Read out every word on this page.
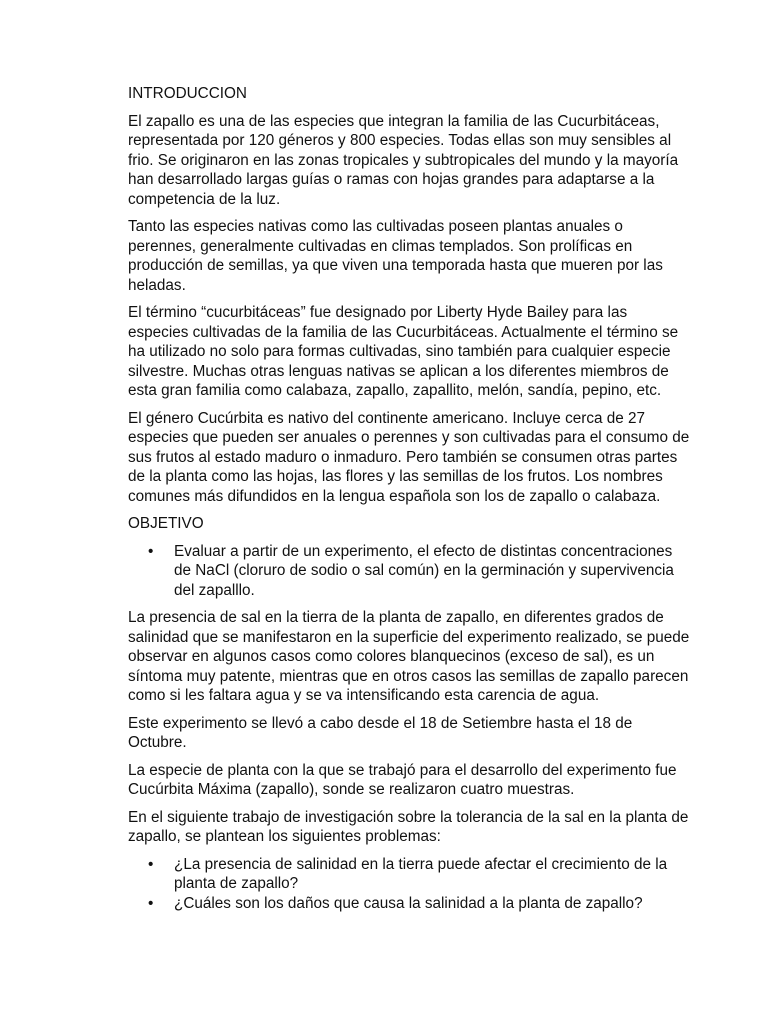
INTRODUCCION

El zapallo es una de las especies que integran la familia de las Cucurbitáceas, representada por 120 géneros y 800 especies. Todas ellas son muy sensibles al frio. Se originaron en las zonas tropicales y subtropicales del mundo y la mayoría han desarrollado largas guías o ramas con hojas grandes para adaptarse a la competencia de la luz.

Tanto las especies nativas como las cultivadas poseen plantas anuales o perennes, generalmente cultivadas en climas templados. Son prolíficas en producción de semillas, ya que viven una temporada hasta que mueren por las heladas.

El término “cucurbitáceas” fue designado por Liberty Hyde Bailey para las especies cultivadas de la familia de las Cucurbitáceas. Actualmente el término se ha utilizado no solo para formas cultivadas, sino también para cualquier especie silvestre. Muchas otras lenguas nativas se aplican a los diferentes miembros de esta gran familia como calabaza, zapallo, zapallito, melón, sandía, pepino, etc.

El género Cucúrbita es nativo del continente americano. Incluye cerca de 27 especies que pueden ser anuales o perennes y son cultivadas para el consumo de sus frutos al estado maduro o inmaduro. Pero también se consumen otras partes de la planta como las hojas, las flores y las semillas de los frutos. Los nombres comunes más difundidos en la lengua española son los de zapallo o calabaza.

OBJETIVO
• Evaluar a partir de un experimento, el efecto de distintas concentraciones de NaCl (cloruro de sodio o sal común) en la germinación y supervivencia del zapalllo.

La presencia de sal en la tierra de la planta de zapallo, en diferentes grados de salinidad que se manifestaron en la superficie del experimento realizado, se puede observar en algunos casos como colores blanquecinos (exceso de sal), es un síntoma muy patente, mientras que en otros casos las semillas de zapallo parecen como si les faltara agua y se va intensificando esta carencia de agua.

Este experimento se llevó a cabo desde el 18 de Setiembre hasta el 18 de Octubre.

La especie de planta con la que se trabajó para el desarrollo del experimento fue Cucúrbita Máxima (zapallo), sonde se realizaron cuatro muestras.

En el siguiente trabajo de investigación sobre la tolerancia de la sal en la planta de zapallo, se plantean los siguientes problemas:

• ¿La presencia de salinidad en la tierra puede afectar el crecimiento de la planta de zapallo?
• ¿Cuáles son los daños que causa la salinidad a la planta de zapallo?
